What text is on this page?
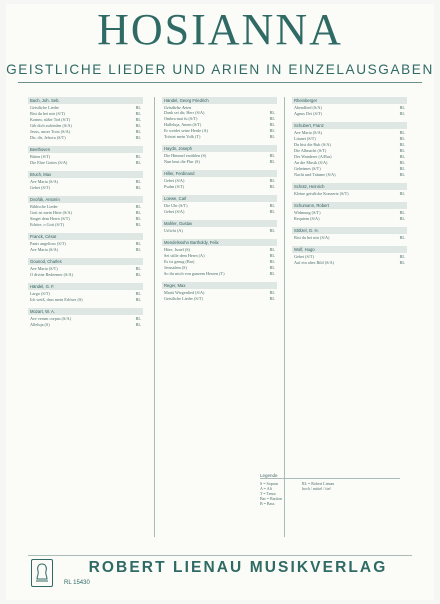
HOSIANNA
GEISTLICHE LIEDER UND ARIEN IN EINZELAUSGABEN
Bach, Joh. Seb.
Geistliche Lieder	RL
Bist du bei mir (S/T)	RL
Komm, süßer Tod (S/T)	RL
Gib dich zufrieden (S/A)	RL
Jesus, unser Trost (S/A)	RL
Dir, dir, Jehova (S/T)	RL
Beethoven
Bitten (S/T)	RL
Die Ehre Gottes (S/A)	RL
Bruch, Max
Ave Maria (S/A)	RL
Gebet (S/T)	RL
Dvořák, Antonín
Biblische Lieder	RL
Gott ist mein Hirte (S/A)	RL
Singet dem Herrn (S/T)	RL
Erhöre, o Gott (S/T)	RL
Franck, César
Panis angelicus (S/T)	RL
Ave Maria (S/A)	RL
Gounod, Charles
Ave Maria (S/T)	RL
O divine Redeemer (S/A)	RL
Händel, G. F.
Largo (S/T)	RL
Ich weiß, dass mein Erlöser (S)	RL
Mozart, W. A.
Ave verum corpus (S/A)	RL
Alleluja (S)	RL
Händel, Georg Friedrich
Geistliche Arien
Dank sei dir, Herr (S/A)	RL
Ombra mai fu (S/T)	RL
Halleluja, Amen (S/T)	RL
Er weidet seine Herde (A)	RL
Tröstet mein Volk (T)	RL
Haydn, Joseph
Die Himmel erzählen (S)	RL
Nun beut die Flur (S)	RL
Hiller, Ferdinand
Gebet (S/A)	RL
Psalm (S/T)	RL
Loewe, Carl
Die Uhr (S/T)	RL
Gebet (S/A)	RL
Mahler, Gustav
Urlicht (A)	RL
Mendelssohn Bartholdy, Felix
Höre, Israel (S)	RL
Sei stille dem Herrn (A)	RL
Es ist genug (Bar)	RL
Jerusalem (S)	RL
So ihr mich von ganzem Herzen (T)	RL
Reger, Max
Mariä Wiegenlied (S/A)	RL
Geistliche Lieder (S/T)	RL
Rheinberger
Abendlied (S/A)	RL
Agnus Dei (S/T)	RL
Schubert, Franz
Ave Maria (S/A)	RL
Litanei (S/T)	RL
Du bist die Ruh (S/A)	RL
Die Allmacht (S/T)	RL
Der Wanderer (A/Bar)	RL
An die Musik (S/A)	RL
Geheimes (S/T)	RL
Nacht und Träume (S/A)	RL
Schütz, Heinrich
Kleine geistliche Konzerte (S/T)	RL
Schumann, Robert
Widmung (S/T)	RL
Requiem (S/A)	RL
Stölzel, G. H.
Bist du bei mir (S/A)	RL
Wolf, Hugo
Gebet (S/T)	RL
Auf ein altes Bild (S/A)	RL
Legende
S = Sopran
A = Alt
T = Tenor
Bar = Bariton
B = Bass
RL = Robert Lienau
hoch / mittel / tief
ROBERT LIENAU MUSIKVERLAG
RL 15430
